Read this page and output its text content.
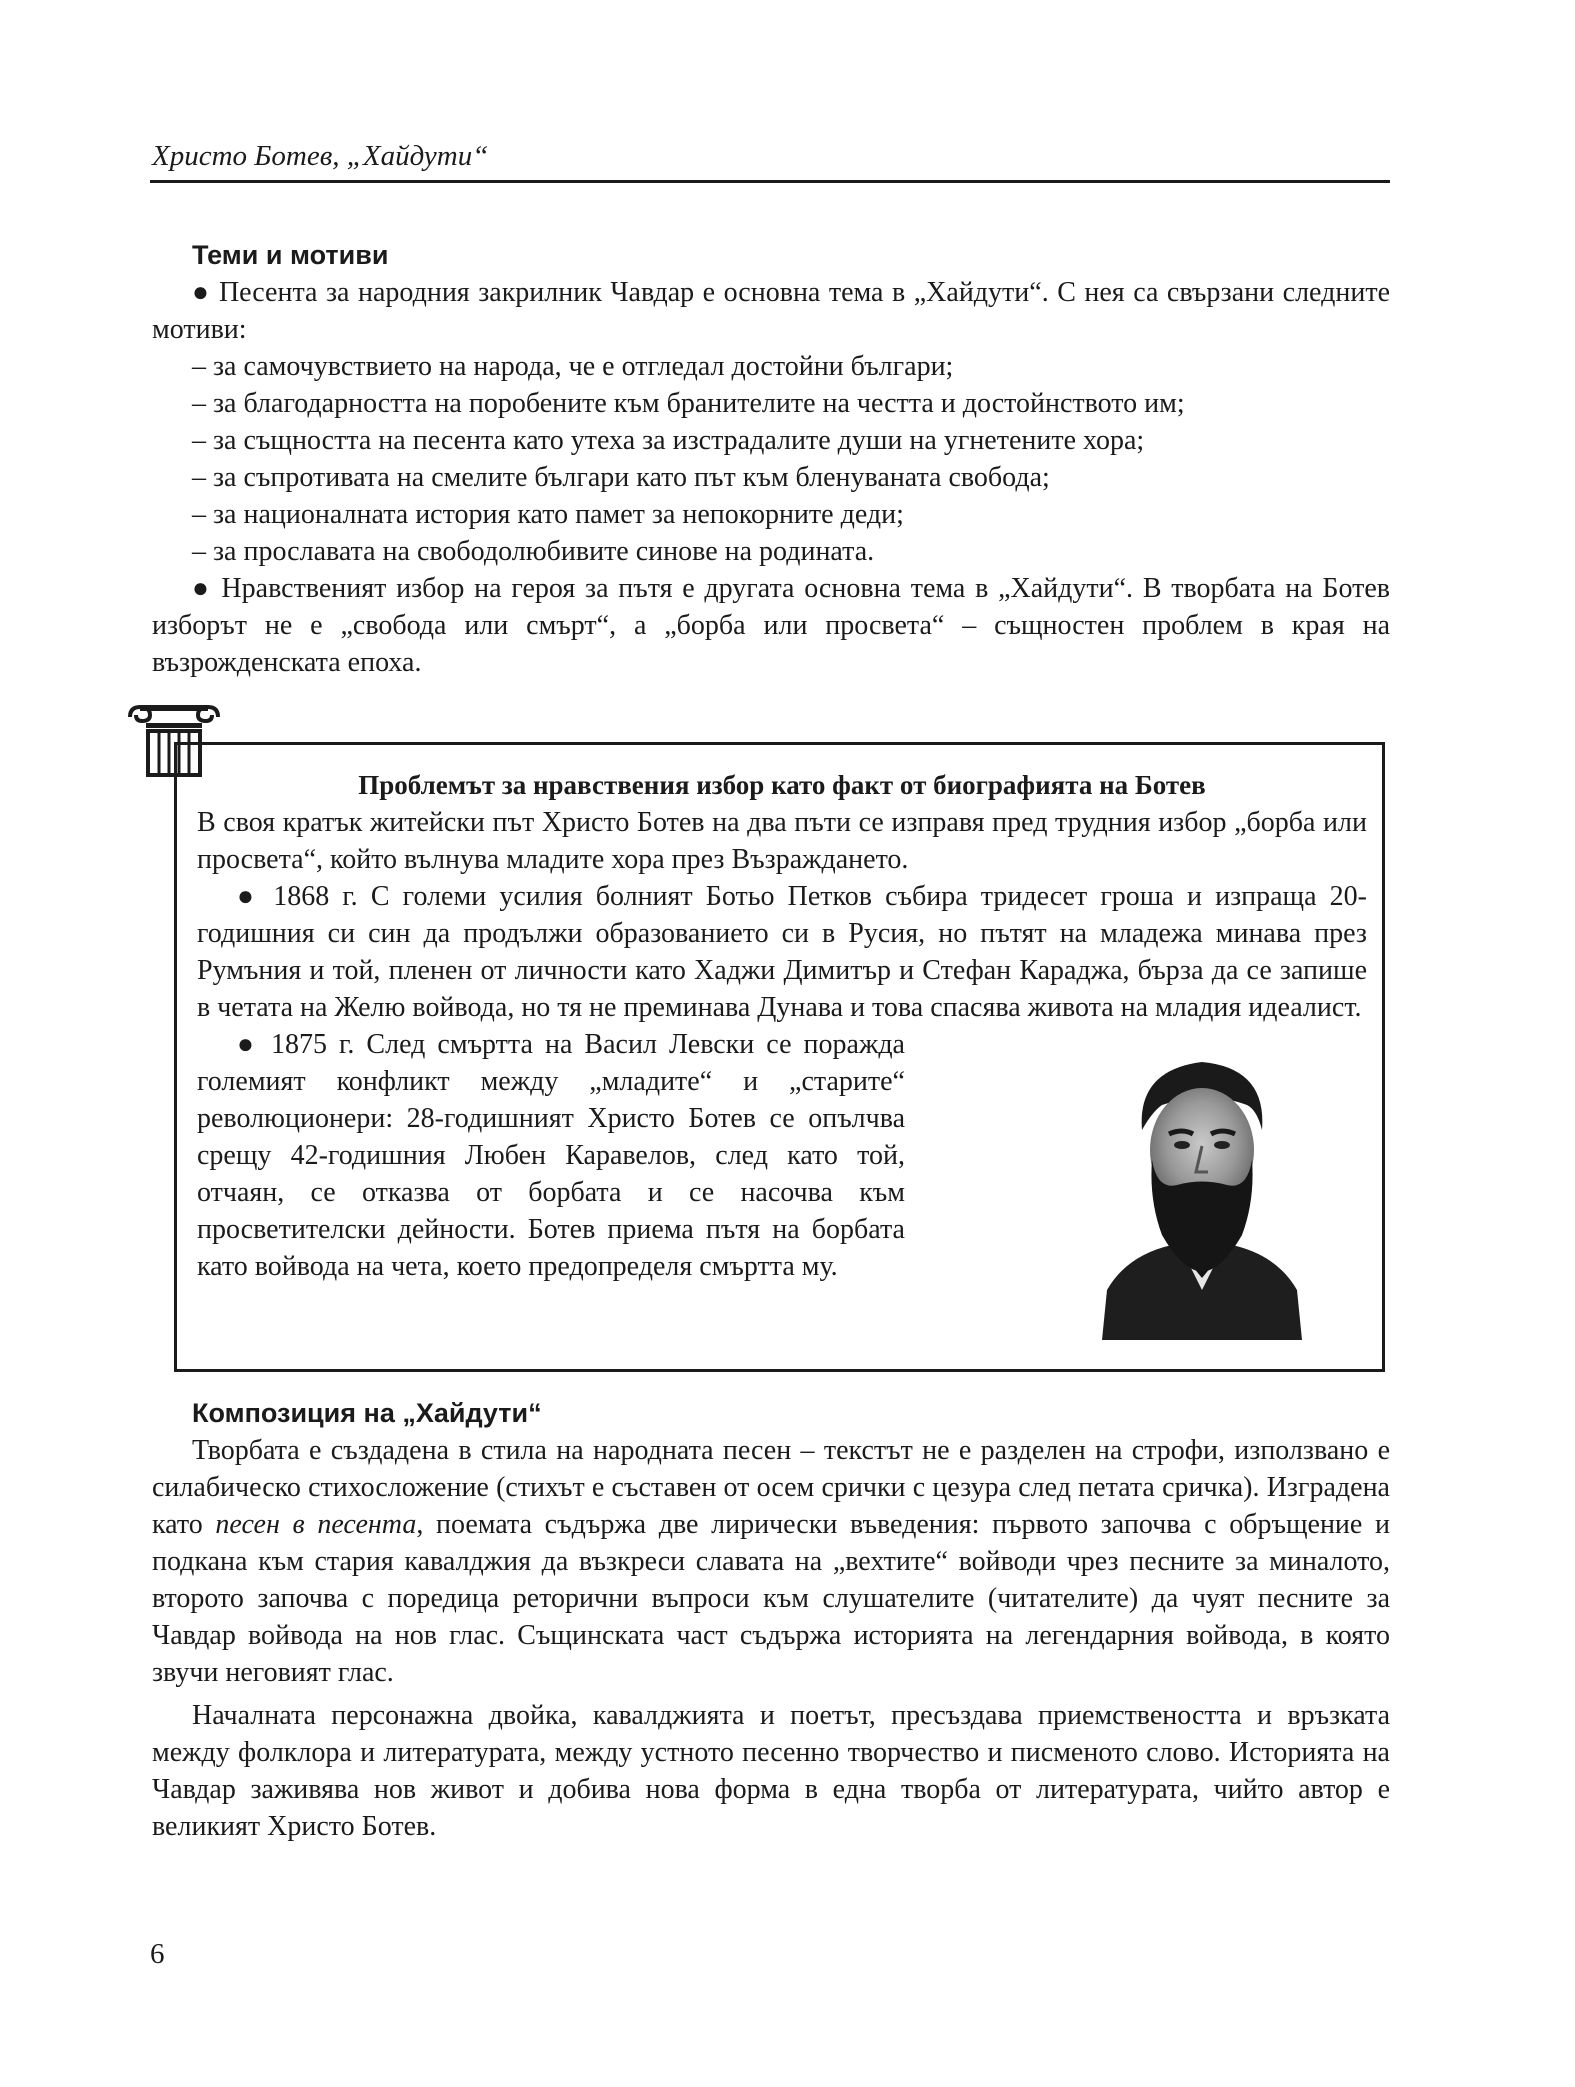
Христо Ботев, „Хайдути“
Теми и мотиви

● Песента за народния закрилник Чавдар е основна тема в „Хайдути“. С нея са свързани следните мотиви:

– за самочувствието на народа, че е отгледал достойни българи;

– за благодарността на поробените към бранителите на честта и достойнството им;

– за същността на песента като утеха за изстрадалите души на угнетените хора;

– за съпротивата на смелите българи като път към бленуваната свобода;

– за националната история като памет за непокорните деди;

– за прославата на свободолюбивите синове на родината.

● Нравственият избор на героя за пътя е другата основна тема в „Хайдути“. В творбата на Ботев изборът не е „свобода или смърт“, а „борба или просвета“ – същностен проблем в края на възрожденската епоха.

Проблемът за нравствения избор като факт от биографията на Ботев

В своя кратък житейски път Христо Ботев на два пъти се изправя пред трудния избор „борба или просвета“, който вълнува младите хора през Възраждането.

● 1868 г. С големи усилия болният Ботьо Петков събира тридесет гроша и изпраща 20-годишния си син да продължи образованието си в Русия, но пътят на младежа минава през Румъния и той, пленен от личности като Хаджи Димитър и Стефан Караджа, бърза да се запише в четата на Желю войвода, но тя не преминава Дунава и това спасява живота на младия идеалист.

● 1875 г. След смъртта на Васил Левски се поражда големият конфликт между „младите“ и „старите“ революционери: 28-годишният Христо Ботев се опълчва срещу 42-годишния Любен Каравелов, след като той, отчаян, се отказва от борбата и се насочва към просветителски дейности. Ботев приема пътя на борбата като войвода на чета, което предопределя смъртта му.

Композиция на „Хайдути“

Творбата е създадена в стила на народната песен – текстът не е разделен на строфи, използвано е силабическо стихосложение (стихът е съставен от осем срички с цезура след петата сричка). Изградена като песен в песента, поемата съдържа две лирически въведения: първото започва с обръщение и подкана към стария кавалджия да възкреси славата на „вехтите“ войводи чрез песните за миналото, второто започва с поредица реторични въпроси към слушателите (читателите) да чуят песните за Чавдар войвода на нов глас. Същинската част съдържа историята на легендарния войвода, в която звучи неговият глас.

Началната персонажна двойка, кавалджията и поетът, пресъздава приемствеността и връзката между фолклора и литературата, между устното песенно творчество и писменото слово. Историята на Чавдар заживява нов живот и добива нова форма в една творба от литературата, чийто автор е великият Христо Ботев.

6
